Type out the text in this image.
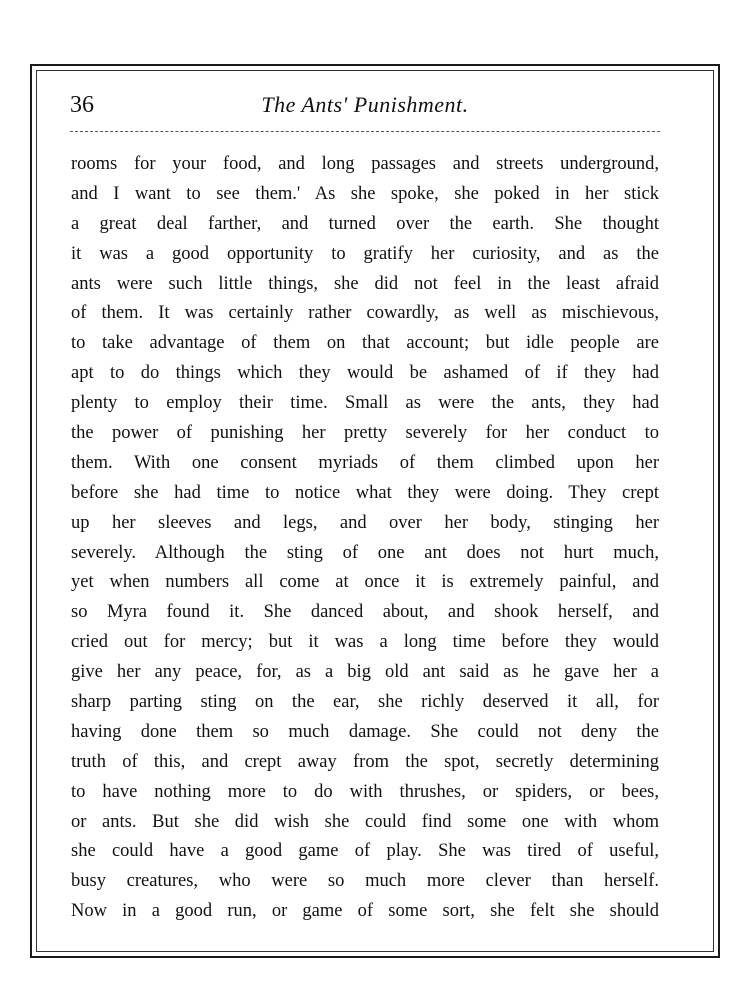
36	The Ants' Punishment.
rooms for your food, and long passages and streets underground,
and I want to see them.' As she spoke, she poked in her stick
a great deal farther, and turned over the earth. She thought
it was a good opportunity to gratify her curiosity, and as the
ants were such little things, she did not feel in the least afraid
of them. It was certainly rather cowardly, as well as mischievous,
to take advantage of them on that account; but idle people are
apt to do things which they would be ashamed of if they had
plenty to employ their time. Small as were the ants, they had
the power of punishing her pretty severely for her conduct to
them. With one consent myriads of them climbed upon her
before she had time to notice what they were doing. They crept
up her sleeves and legs, and over her body, stinging her
severely. Although the sting of one ant does not hurt much,
yet when numbers all come at once it is extremely painful, and
so Myra found it. She danced about, and shook herself, and
cried out for mercy; but it was a long time before they would
give her any peace, for, as a big old ant said as he gave her a
sharp parting sting on the ear, she richly deserved it all, for
having done them so much damage. She could not deny the
truth of this, and crept away from the spot, secretly determining
to have nothing more to do with thrushes, or spiders, or bees,
or ants. But she did wish she could find some one with whom
she could have a good game of play. She was tired of useful,
busy creatures, who were so much more clever than herself.
Now in a good run, or game of some sort, she felt she should
